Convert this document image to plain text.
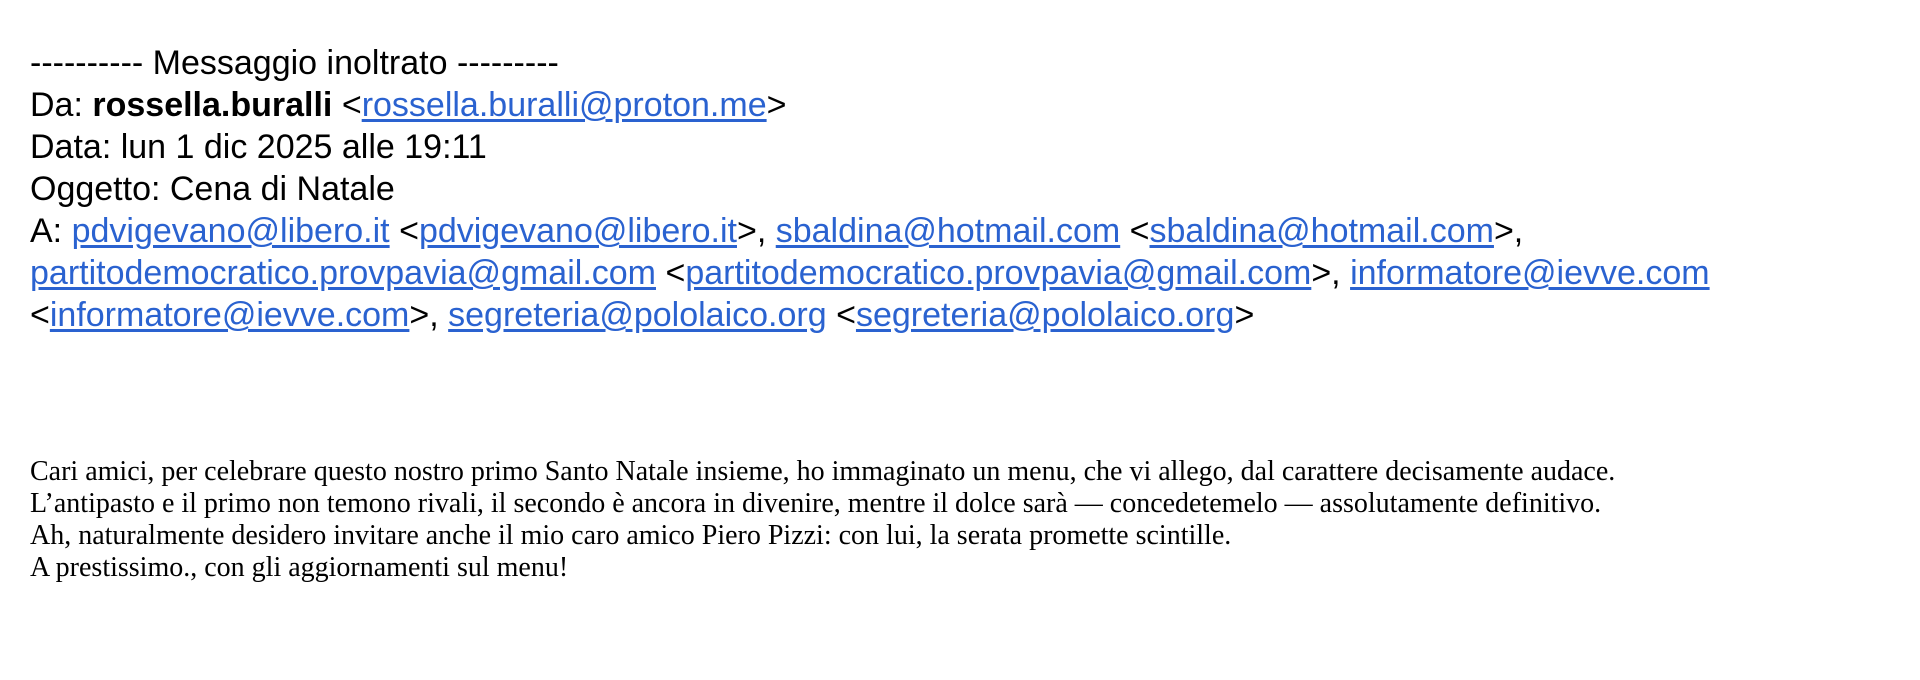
---------- Messaggio inoltrato ---------
Da: rossella.buralli <rossella.buralli@proton.me>
Data: lun 1 dic 2025 alle 19:11
Oggetto: Cena di Natale
A: pdvigevano@libero.it <pdvigevano@libero.it>, sbaldina@hotmail.com <sbaldina@hotmail.com>,
partitodemocratico.provpavia@gmail.com <partitodemocratico.provpavia@gmail.com>, informatore@ievve.com
<informatore@ievve.com>, segreteria@pololaico.org <segreteria@pololaico.org>
Cari amici, per celebrare questo nostro primo Santo Natale insieme, ho immaginato un menu, che vi allego, dal carattere decisamente audace.
L’antipasto e il primo non temono rivali, il secondo è ancora in divenire, mentre il dolce sarà — concedetemelo — assolutamente definitivo.
Ah, naturalmente desidero invitare anche il mio caro amico Piero Pizzi: con lui, la serata promette scintille.
A prestissimo., con gli aggiornamenti sul menu!
